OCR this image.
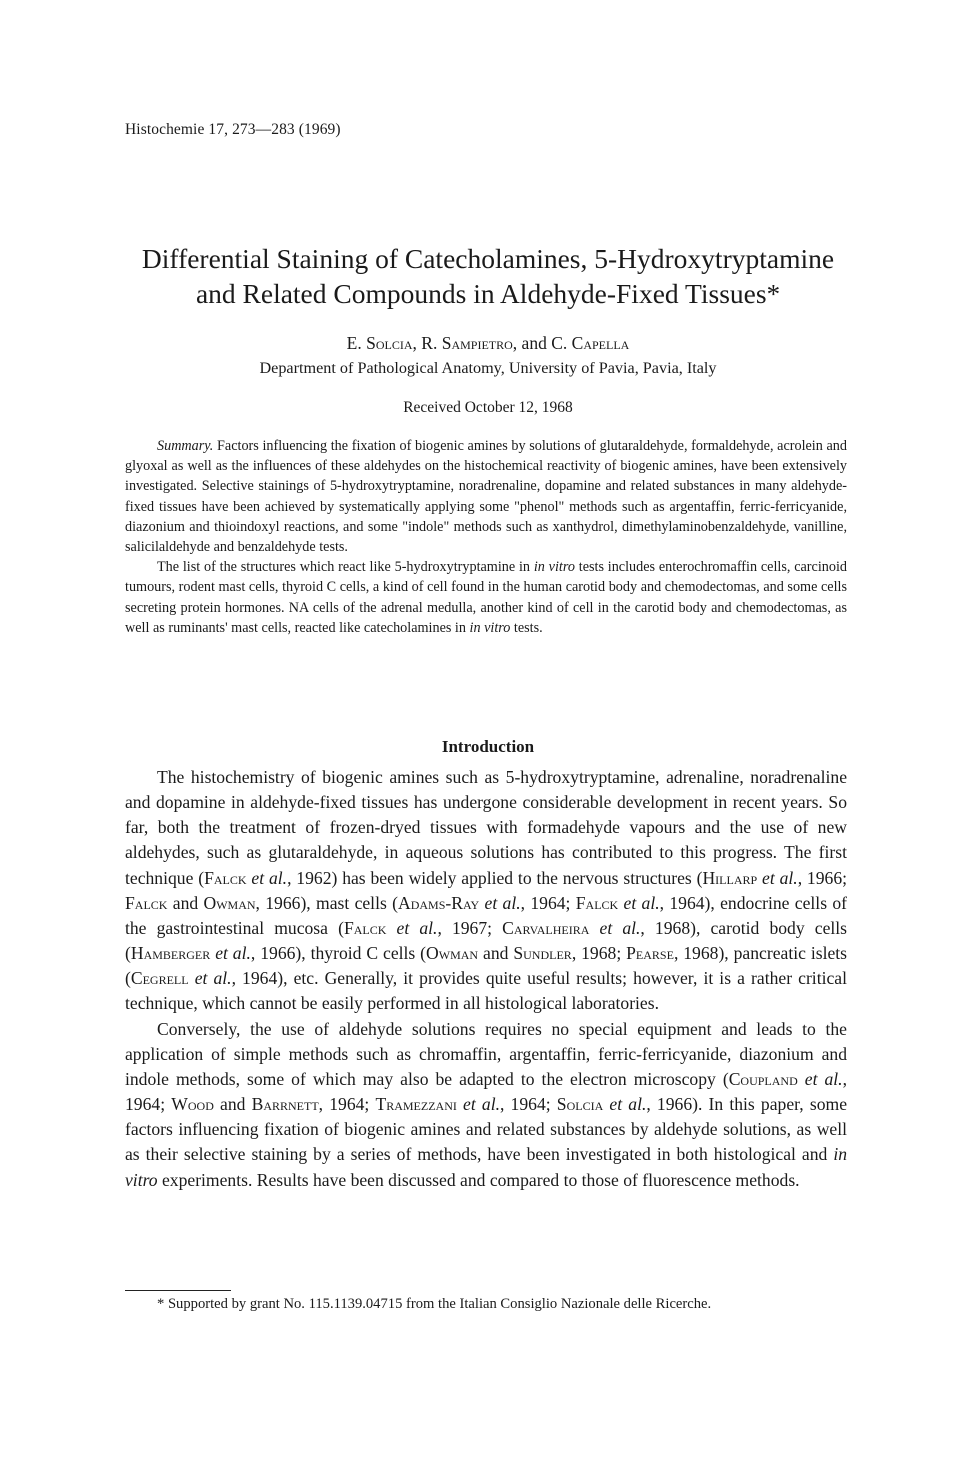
Histochemie 17, 273—283 (1969)
Differential Staining of Catecholamines, 5-Hydroxytryptamine
and Related Compounds in Aldehyde-Fixed Tissues*
E. Solcia, R. Sampietro, and C. Capella
Department of Pathological Anatomy, University of Pavia, Pavia, Italy
Received October 12, 1968

Summary. Factors influencing the fixation of biogenic amines by solutions of glutaraldehyde, formaldehyde, acrolein and glyoxal as well as the influences of these aldehydes on the histochemical reactivity of biogenic amines, have been extensively investigated. Selective stainings of 5-hydroxytryptamine, noradrenaline, dopamine and related substances in many aldehyde-fixed tissues have been achieved by systematically applying some "phenol" methods such as argentaffin, ferric-ferricyanide, diazonium and thioindoxyl reactions, and some "indole" methods such as xanthydrol, dimethylaminobenzaldehyde, vanilline, salicilaldehyde and benzaldehyde tests.

The list of the structures which react like 5-hydroxytryptamine in in vitro tests includes enterochromaffin cells, carcinoid tumours, rodent mast cells, thyroid C cells, a kind of cell found in the human carotid body and chemodectomas, and some cells secreting protein hormones. NA cells of the adrenal medulla, another kind of cell in the carotid body and chemodectomas, as well as ruminants' mast cells, reacted like catecholamines in in vitro tests.

Introduction

The histochemistry of biogenic amines such as 5-hydroxytryptamine, adrenaline, noradrenaline and dopamine in aldehyde-fixed tissues has undergone considerable development in recent years. So far, both the treatment of frozen-dryed tissues with formadehyde vapours and the use of new aldehydes, such as glutaraldehyde, in aqueous solutions has contributed to this progress. The first technique (Falck et al., 1962) has been widely applied to the nervous structures (Hillarp et al., 1966; Falck and Owman, 1966), mast cells (Adams-Ray et al., 1964; Falck et al., 1964), endocrine cells of the gastrointestinal mucosa (Falck et al., 1967; Carvalheira et al., 1968), carotid body cells (Hamberger et al., 1966), thyroid C cells (Owman and Sundler, 1968; Pearse, 1968), pancreatic islets (Cegrell et al., 1964), etc. Generally, it provides quite useful results; however, it is a rather critical technique, which cannot be easily performed in all histological laboratories.

Conversely, the use of aldehyde solutions requires no special equipment and leads to the application of simple methods such as chromaffin, argentaffin, ferric-ferricyanide, diazonium and indole methods, some of which may also be adapted to the electron microscopy (Coupland et al., 1964; Wood and Barrnett, 1964; Tramezzani et al., 1964; Solcia et al., 1966). In this paper, some factors influencing fixation of biogenic amines and related substances by aldehyde solutions, as well as their selective staining by a series of methods, have been investigated in both histological and in vitro experiments. Results have been discussed and compared to those of fluorescence methods.

* Supported by grant No. 115.1139.04715 from the Italian Consiglio Nazionale delle Ricerche.
